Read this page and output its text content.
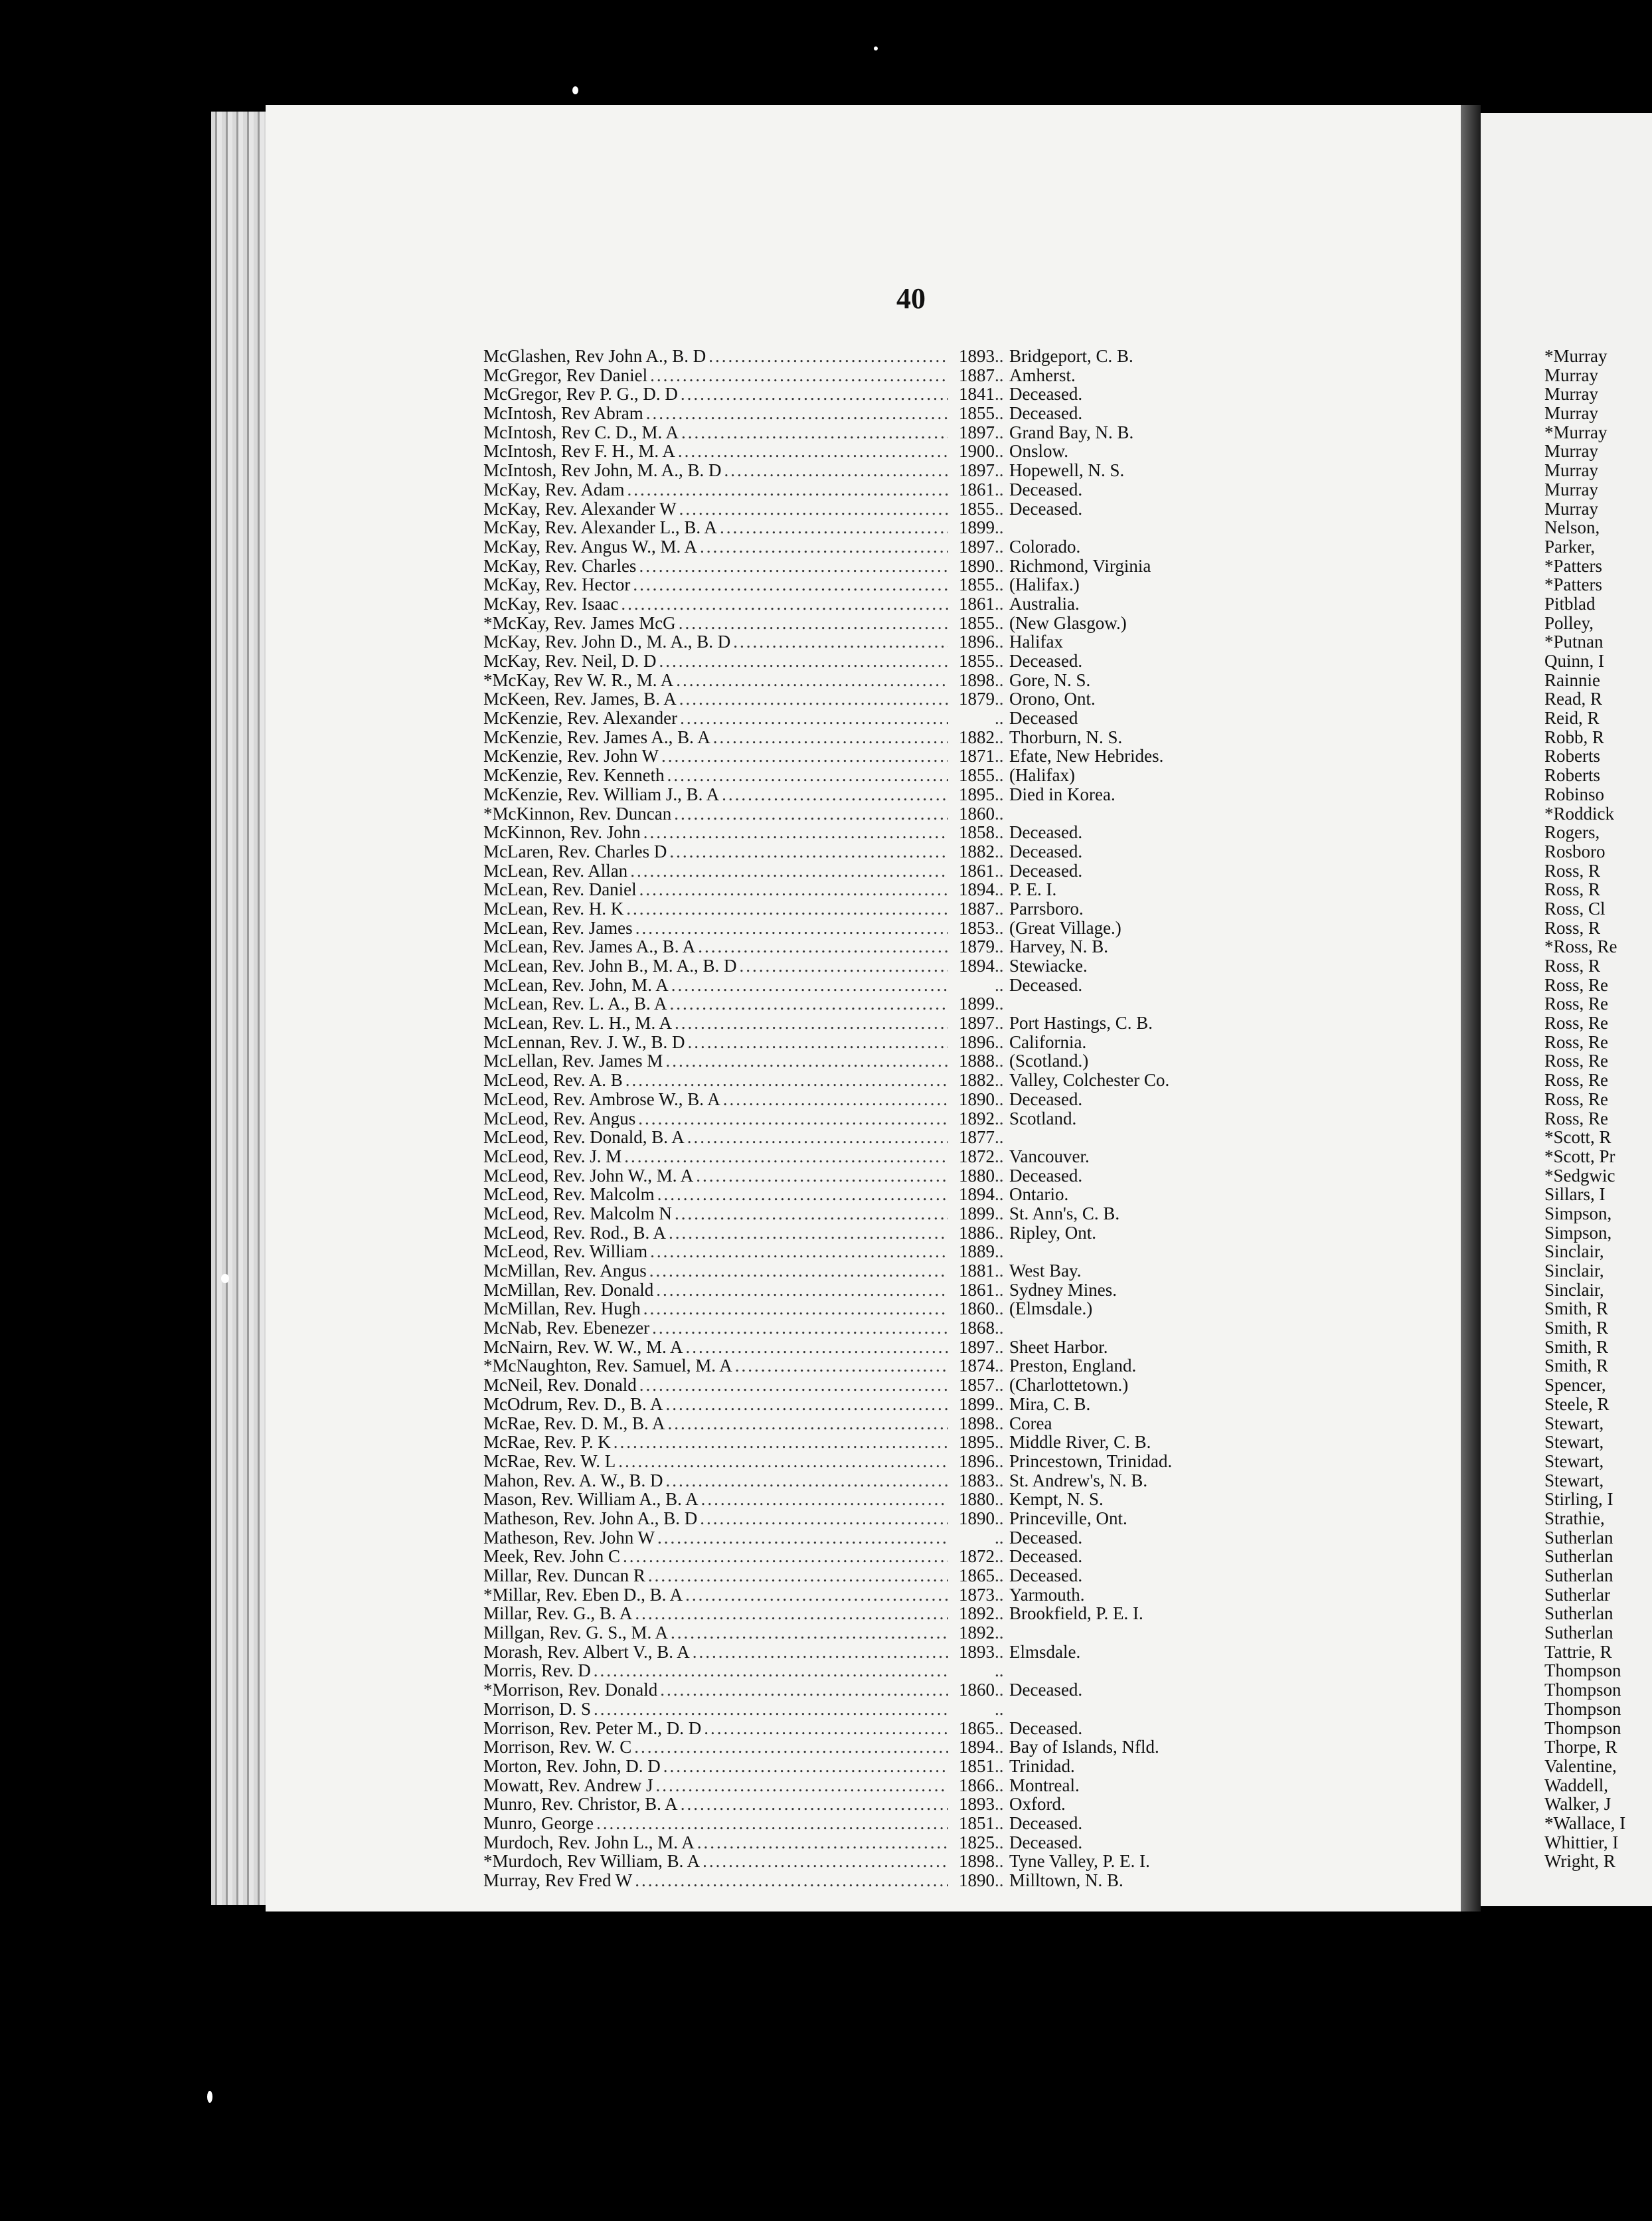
40
McGlashen, Rev John A., B. D .....	1893 .. Bridgeport, C. B.
McGregor, Rev Daniel .....	1887 .. Amherst.
McGregor, Rev P. G., D. D .....	1841 .. Deceased.
McIntosh, Rev Abram .....	1855 .. Deceased.
McIntosh, Rev C. D., M. A .....	1897 .. Grand Bay, N. B.
McIntosh, Rev F. H., M. A .....	1900 .. Onslow.
McIntosh, Rev John, M. A., B. D .....	1897 .. Hopewell, N. S.
McKay, Rev. Adam .....	1861 .. Deceased.
McKay, Rev. Alexander W .....	1855 .. Deceased.
McKay, Rev. Alexander L., B. A .....	1899 ..
McKay, Rev. Angus W., M. A .....	1897 .. Colorado.
McKay, Rev. Charles .....	1890 .. Richmond, Virginia
McKay, Rev. Hector .....	1855 .. (Halifax.)
McKay, Rev. Isaac .....	1861 .. Australia.
*McKay, Rev. James McG .....	1855 .. (New Glasgow.)
McKay, Rev. John D., M. A., B. D .....	1896 .. Halifax
McKay, Rev. Neil, D. D .....	1855 .. Deceased.
*McKay, Rev W. R., M. A .....	1898 .. Gore, N. S.
McKeen, Rev. James, B. A .....	1879 .. Orono, Ont.
McKenzie, Rev. Alexander .....	.. Deceased
McKenzie, Rev. James A., B. A .....	1882 .. Thorburn, N. S.
McKenzie, Rev. John W .....	1871 .. Efate, New Hebrides.
McKenzie, Rev. Kenneth .....	1855 .. (Halifax)
McKenzie, Rev. William J., B. A .....	1895 .. Died in Korea.
*McKinnon, Rev. Duncan .....	1860 ..
McKinnon, Rev. John .....	1858 .. Deceased.
McLaren, Rev. Charles D .....	1882 .. Deceased.
McLean, Rev. Allan .....	1861 .. Deceased.
McLean, Rev. Daniel .....	1894 .. P. E. I.
McLean, Rev. H. K .....	1887 .. Parrsboro.
McLean, Rev. James .....	1853 .. (Great Village.)
McLean, Rev. James A., B. A .....	1879 .. Harvey, N. B.
McLean, Rev. John B., M. A., B. D .....	1894 .. Stewiacke.
McLean, Rev. John, M. A .....	.. Deceased.
McLean, Rev. L. A., B. A .....	1899 ..
McLean, Rev. L. H., M. A .....	1897 .. Port Hastings, C. B.
McLennan, Rev. J. W., B. D .....	1896 .. California.
McLellan, Rev. James M .....	1888 .. (Scotland.)
McLeod, Rev. A. B .....	1882 .. Valley, Colchester Co.
McLeod, Rev. Ambrose W., B. A .....	1890 .. Deceased.
McLeod, Rev. Angus .....	1892 .. Scotland.
McLeod, Rev. Donald, B. A .....	1877 ..
McLeod, Rev. J. M .....	1872 .. Vancouver.
McLeod, Rev. John W., M. A .....	1880 .. Deceased.
McLeod, Rev. Malcolm .....	1894 .. Ontario.
McLeod, Rev. Malcolm N .....	1899 .. St. Ann's, C. B.
McLeod, Rev. Rod., B. A .....	1886 .. Ripley, Ont.
McLeod, Rev. William .....	1889 ..
McMillan, Rev. Angus .....	1881 .. West Bay.
McMillan, Rev. Donald .....	1861 .. Sydney Mines.
McMillan, Rev. Hugh .....	1860 .. (Elmsdale.)
McNab, Rev. Ebenezer .....	1868 ..
McNairn, Rev. W. W., M. A .....	1897 .. Sheet Harbor.
*McNaughton, Rev. Samuel, M. A .....	1874 .. Preston, England.
McNeil, Rev. Donald .....	1857 .. (Charlottetown.)
McOdrum, Rev. D., B. A .....	1899 .. Mira, C. B.
McRae, Rev. D. M., B. A .....	1898 .. Corea
McRae, Rev. P. K .....	1895 .. Middle River, C. B.
McRae, Rev. W. L .....	1896 .. Princestown, Trinidad.
Mahon, Rev. A. W., B. D .....	1883 .. St. Andrew's, N. B.
Mason, Rev. William A., B. A .....	1880 .. Kempt, N. S.
Matheson, Rev. John A., B. D .....	1890 .. Princeville, Ont.
Matheson, Rev. John W .....	.. Deceased.
Meek, Rev. John C .....	1872 .. Deceased.
Millar, Rev. Duncan R .....	1865 .. Deceased.
*Millar, Rev. Eben D., B. A .....	1873 .. Yarmouth.
Millar, Rev. G., B. A .....	1892 .. Brookfield, P. E. I.
Millgan, Rev. G. S., M. A .....	1892 ..
Morash, Rev. Albert V., B. A .....	1893 .. Elmsdale.
Morris, Rev. D .....	..
*Morrison, Rev. Donald .....	1860 .. Deceased.
Morrison, D. S .....	..
Morrison, Rev. Peter M., D. D .....	1865 .. Deceased.
Morrison, Rev. W. C .....	1894 .. Bay of Islands, Nfld.
Morton, Rev. John, D. D .....	1851 .. Trinidad.
Mowatt, Rev. Andrew J .....	1866 .. Montreal.
Munro, Rev. Christor, B. A .....	1893 .. Oxford.
Munro, George .....	1851 .. Deceased.
Murdoch, Rev. John L., M. A .....	1825 .. Deceased.
*Murdoch, Rev William, B. A .....	1898 .. Tyne Valley, P. E. I.
Murray, Rev Fred W .....	1890 .. Milltown, N. B.
*Murray
Murray
Murray
Murray
*Murray
Murray
Murray
Murray
Murray
Nelson,
Parker,
*Patters
*Patters
Pitblad
Polley,
*Putnan
Quinn, I
Rainnie
Read, R
Reid, R
Robb, R
Roberts
Roberts
Robinso
*Roddick
Rogers,
Rosboro
Ross, R
Ross, R
Ross, Cl
Ross, R
*Ross, Re
Ross, R
Ross, Re
Ross, Re
Ross, Re
Ross, Re
Ross, Re
Ross, Re
Ross, Re
Ross, Re
*Scott, R
*Scott, Pr
*Sedgwic
Sillars, I
Simpson,
Simpson,
Sinclair,
Sinclair,
Sinclair,
Smith, R
Smith, R
Smith, R
Smith, R
Spencer,
Steele, R
Stewart,
Stewart,
Stewart,
Stewart,
Stirling, I
Strathie,
Sutherlan
Sutherlan
Sutherlan
Sutherlar
Sutherlan
Sutherlan
Tattrie, R
Thompson
Thompson
Thompson
Thompson
Thorpe, R
Valentine,
Waddell,
Walker, J
*Wallace, I
Whittier, I
Wright, R
